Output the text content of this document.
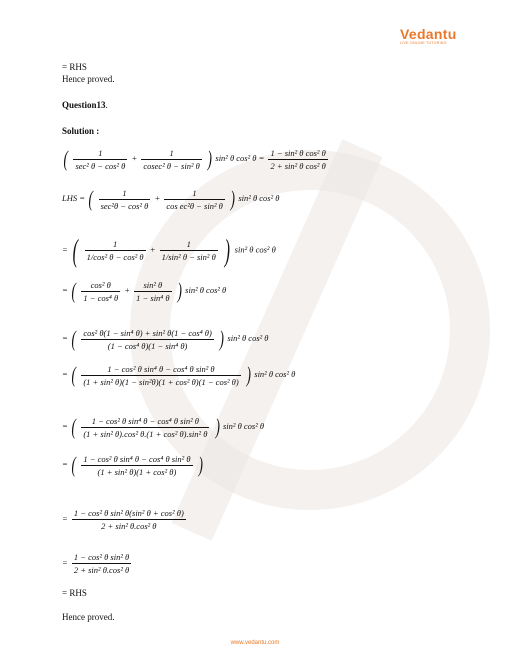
Vedantu
LIVE ONLINE TUTORING
= RHS
Hence proved.
Question13.
Solution :
( $\frac{1}{\text{sec² θ − cos² θ}} + \frac{1}{\text{cosec² θ − sin² θ}}$ ) sin² θ cos² $\theta = \frac{\text{1 − sin² θ cos² θ}}{\text{2 + sin² θ cos² θ}}$
LHS = ( $\frac{1}{\text{sec²θ − cos² θ}} + \frac{1}{\text{cos ec²θ − sin² θ}}$ ) sin² θ cos² θ
= ( $\frac{1}{\text{1/cos² θ − cos² θ}} + \frac{1}{\text{1/sin² θ − sin² θ}}$ ) sin² θ cos² θ
= ( $\frac{\text{cos² θ}}{\text{1 − cos⁴ θ}} + \frac{\text{sin² θ}}{\text{1 − sin⁴ θ}}$ ) sin² θ cos² θ
= ( $\frac{\text{cos² θ(1 − sin⁴ θ) + sin² θ(1 − cos⁴ θ)}}{\text{(1 − cos⁴ θ)(1 − sin⁴ θ)}}$ ) sin² θ cos² θ
= ( $\frac{\text{1 − cos² θ sin⁴ θ − cos⁴ θ sin² θ}}{\text{(1 + sin² θ)(1 − sin²θ)(1 + cos² θ)(1 − cos² θ)}}$ ) sin² θ cos² θ
= ( $\frac{\text{1 − cos² θ sin⁴ θ − cos⁴ θ sin² θ}}{\text{(1 + sin² θ).cos² θ.(1 + cos² θ).sin² θ}}$ ) sin² θ cos² θ
= ( $\frac{\text{1 − cos² θ sin⁴ θ − cos⁴ θ sin² θ}}{\text{(1 + sin² θ)(1 + cos² θ)}}$ )
= $\frac{\text{1 − cos² θ sin² θ(sin² θ + cos² θ)}}{\text{2 + sin² θ.cos² θ}}$
= $\frac{\text{1 − cos² θ sin² θ}}{\text{2 + sin² θ.cos² θ}}$
= RHS
Hence proved.
www.vedantu.com
